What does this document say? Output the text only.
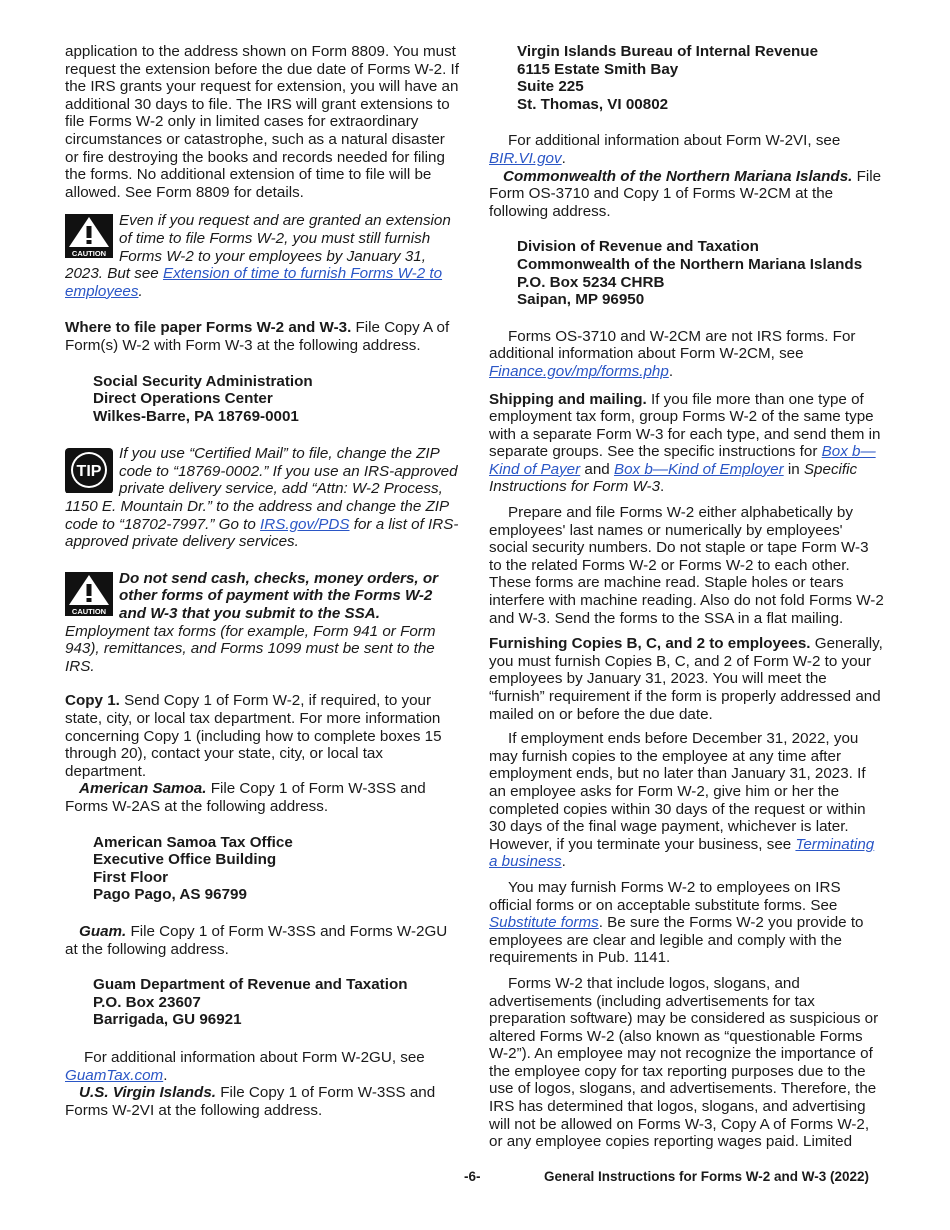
application to the address shown on Form 8809. You must request the extension before the due date of Forms W-2. If the IRS grants your request for extension, you will have an additional 30 days to file. The IRS will grant extensions to file Forms W-2 only in limited cases for extraordinary circumstances or catastrophe, such as a natural disaster or fire destroying the books and records needed for filing the forms. No additional extension of time to file will be allowed. See Form 8809 for details.

CAUTION

Even if you request and are granted an extension of time to file Forms W-2, you must still furnish Forms W-2 to your employees by January 31, 2023. But see Extension of time to furnish Forms W-2 to employees.

Where to file paper Forms W-2 and W-3. File Copy A of Form(s) W-2 with Form W-3 at the following address.

Social Security Administration
Direct Operations Center
Wilkes-Barre, PA 18769-0001
TIP

If you use “Certified Mail” to file, change the ZIP code to “18769-0002.” If you use an IRS-approved private delivery service, add “Attn: W-2 Process, 1150 E. Mountain Dr.” to the address and change the ZIP code to “18702-7997.” Go to IRS.gov/PDS for a list of IRS-approved private delivery services.

CAUTION

Do not send cash, checks, money orders, or other forms of payment with the Forms W-2 and W-3 that you submit to the SSA. Employment tax forms (for example, Form 941 or Form 943), remittances, and Forms 1099 must be sent to the IRS.

Copy 1. Send Copy 1 of Form W-2, if required, to your state, city, or local tax department. For more information concerning Copy 1 (including how to complete boxes 15 through 20), contact your state, city, or local tax department.

American Samoa. File Copy 1 of Form W-3SS and Forms W-2AS at the following address.

American Samoa Tax Office
Executive Office Building
First Floor
Pago Pago, AS 96799

Guam. File Copy 1 of Form W-3SS and Forms W-2GU at the following address.

Guam Department of Revenue and Taxation
P.O. Box 23607
Barrigada, GU 96921

For additional information about Form W-2GU, see GuamTax.com.

U.S. Virgin Islands. File Copy 1 of Form W-3SS and Forms W-2VI at the following address.

Virgin Islands Bureau of Internal Revenue
6115 Estate Smith Bay
Suite 225
St. Thomas, VI 00802

For additional information about Form W-2VI, see BIR.VI.gov.

Commonwealth of the Northern Mariana Islands. File Form OS-3710 and Copy 1 of Forms W-2CM at the following address.

Division of Revenue and Taxation
Commonwealth of the Northern Mariana Islands
P.O. Box 5234 CHRB
Saipan, MP 96950

Forms OS-3710 and W-2CM are not IRS forms. For additional information about Form W-2CM, see Finance.gov/mp/forms.php.

Shipping and mailing. If you file more than one type of employment tax form, group Forms W-2 of the same type with a separate Form W-3 for each type, and send them in separate groups. See the specific instructions for Box b—Kind of Payer and Box b—Kind of Employer in Specific Instructions for Form W-3.

Prepare and file Forms W-2 either alphabetically by employees' last names or numerically by employees' social security numbers. Do not staple or tape Form W-3 to the related Forms W-2 or Forms W-2 to each other. These forms are machine read. Staple holes or tears interfere with machine reading. Also do not fold Forms W-2 and W-3. Send the forms to the SSA in a flat mailing.

Furnishing Copies B, C, and 2 to employees. Generally, you must furnish Copies B, C, and 2 of Form W-2 to your employees by January 31, 2023. You will meet the “furnish” requirement if the form is properly addressed and mailed on or before the due date.

If employment ends before December 31, 2022, you may furnish copies to the employee at any time after employment ends, but no later than January 31, 2023. If an employee asks for Form W-2, give him or her the completed copies within 30 days of the request or within 30 days of the final wage payment, whichever is later. However, if you terminate your business, see Terminating a business.

You may furnish Forms W-2 to employees on IRS official forms or on acceptable substitute forms. See Substitute forms. Be sure the Forms W-2 you provide to employees are clear and legible and comply with the requirements in Pub. 1141.

Forms W-2 that include logos, slogans, and advertisements (including advertisements for tax preparation software) may be considered as suspicious or altered Forms W-2 (also known as “questionable Forms W-2”). An employee may not recognize the importance of the employee copy for tax reporting purposes due to the use of logos, slogans, and advertisements. Therefore, the IRS has determined that logos, slogans, and advertising will not be allowed on Forms W-3, Copy A of Forms W-2, or any employee copies reporting wages paid. Limited

-6-	General Instructions for Forms W-2 and W-3 (2022)
